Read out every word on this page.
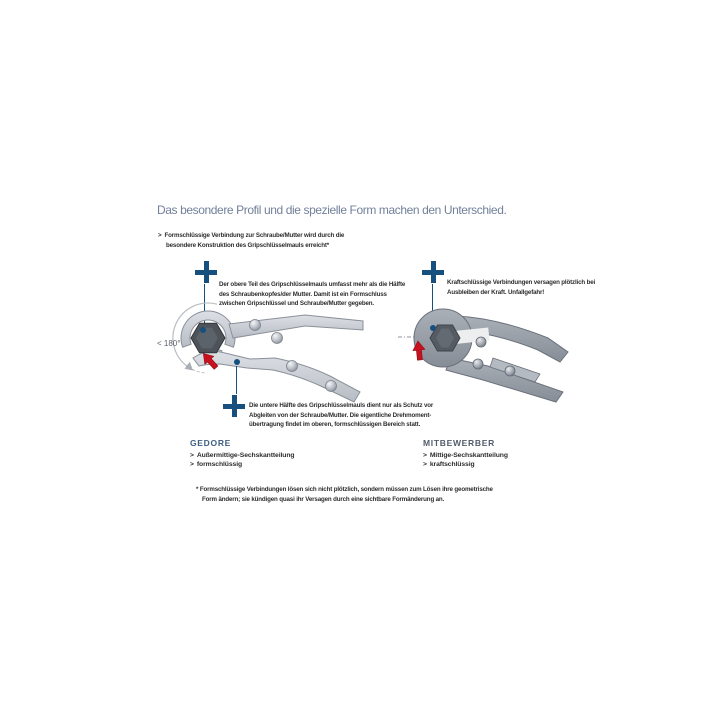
Das besondere Profil und die spezielle Form machen den Unterschied.
> Formschlüssige Verbindung zur Schraube/Mutter wird durch die
besondere Konstruktion des Gripschlüsselmauls erreicht*
Der obere Teil des Gripschlüsselmauls umfasst mehr als die Hälfte
des Schraubenkopfes/der Mutter. Damit ist ein Formschluss
zwischen Gripschlüssel und Schraube/Mutter gegeben.
< 180°
Die untere Hälfte des Gripschlüsselmauls dient nur als Schutz vor
Abgleiten von der Schraube/Mutter. Die eigentliche Drehmoment-
übertragung findet im oberen, formschlüssigen Bereich statt.
GEDORE
> Außermittige-Sechskantteilung
> formschlüssig
Kraftschlüssige Verbindungen versagen plötzlich bei
Ausbleiben der Kraft. Unfallgefahr!
MITBEWERBER
> Mittige-Sechskantteilung
> kraftschlüssig
* Formschlüssige Verbindungen lösen sich nicht plötzlich, sondern müssen zum Lösen ihre geometrische
Form ändern; sie kündigen quasi ihr Versagen durch eine sichtbare Formänderung an.
